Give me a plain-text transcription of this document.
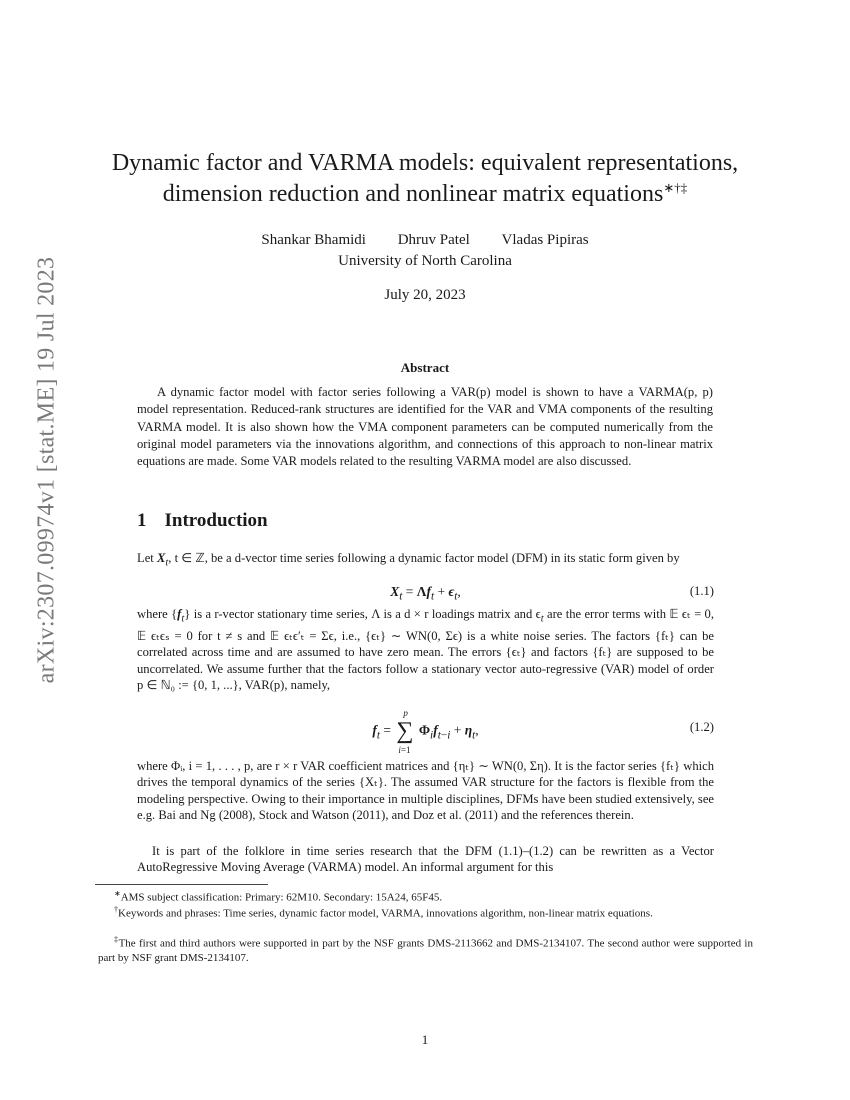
arXiv:2307.09974v1 [stat.ME] 19 Jul 2023
Dynamic factor and VARMA models: equivalent representations,
dimension reduction and nonlinear matrix equations∗†‡
Shankar Bhamidi Dhruv Patel Vladas Pipiras
University of North Carolina
July 20, 2023
Abstract
A dynamic factor model with factor series following a VAR(p) model is shown to have a VARMA(p, p) model representation. Reduced-rank structures are identified for the VAR and VMA components of the resulting VARMA model. It is also shown how the VMA component parameters can be computed numerically from the original model parameters via the innovations algorithm, and connections of this approach to non-linear matrix equations are made. Some VAR models related to the resulting VARMA model are also discussed.
1 Introduction
Let $X_t$, t ∈ ℤ, be a d-vector time series following a dynamic factor model (DFM) in its static form given by
$X_t = \Lambda f_t + \epsilon_t$,	(1.1)
where $\{f_t\}$ is a r-vector stationary time series, Λ is a d × r loadings matrix and $\epsilon_t$ are the error terms with 𝔼 ϵₜ = 0, 𝔼 ϵₜϵₛ = 0 for t ≠ s and 𝔼 ϵₜϵ′ₜ = Σϵ, i.e., {ϵₜ} ∼ WN(0, Σϵ) is a white noise series. The factors {fₜ} can be correlated across time and are assumed to have zero mean. The errors {ϵₜ} and factors {fₜ} are supposed to be uncorrelated. We assume further that the factors follow a stationary vector auto-regressive (VAR) model of order p ∈ ℕ₀ := {0, 1, ...}, VAR(p), namely,
$f_t$ = ∑
p
i=1
$\Phi_if_{t-i} + \eta_t$,	(1.2)
where Φᵢ, i = 1, . . . , p, are r × r VAR coefficient matrices and {ηₜ} ∼ WN(0, Ση). It is the factor series {fₜ} which drives the temporal dynamics of the series {Xₜ}. The assumed VAR structure for the factors is flexible from the modeling perspective. Owing to their importance in multiple disciplines, DFMs have been studied extensively, see e.g. Bai and Ng (2008), Stock and Watson (2011), and Doz et al. (2011) and the references therein.
It is part of the folklore in time series research that the DFM (1.1)–(1.2) can be rewritten as a Vector AutoRegressive Moving Average (VARMA) model. An informal argument for this
∗AMS subject classification: Primary: 62M10. Secondary: 15A24, 65F45.
†Keywords and phrases: Time series, dynamic factor model, VARMA, innovations algorithm, non-linear matrix equations.
‡The first and third authors were supported in part by the NSF grants DMS-2113662 and DMS-2134107. The second author were supported in part by NSF grant DMS-2134107.
1
